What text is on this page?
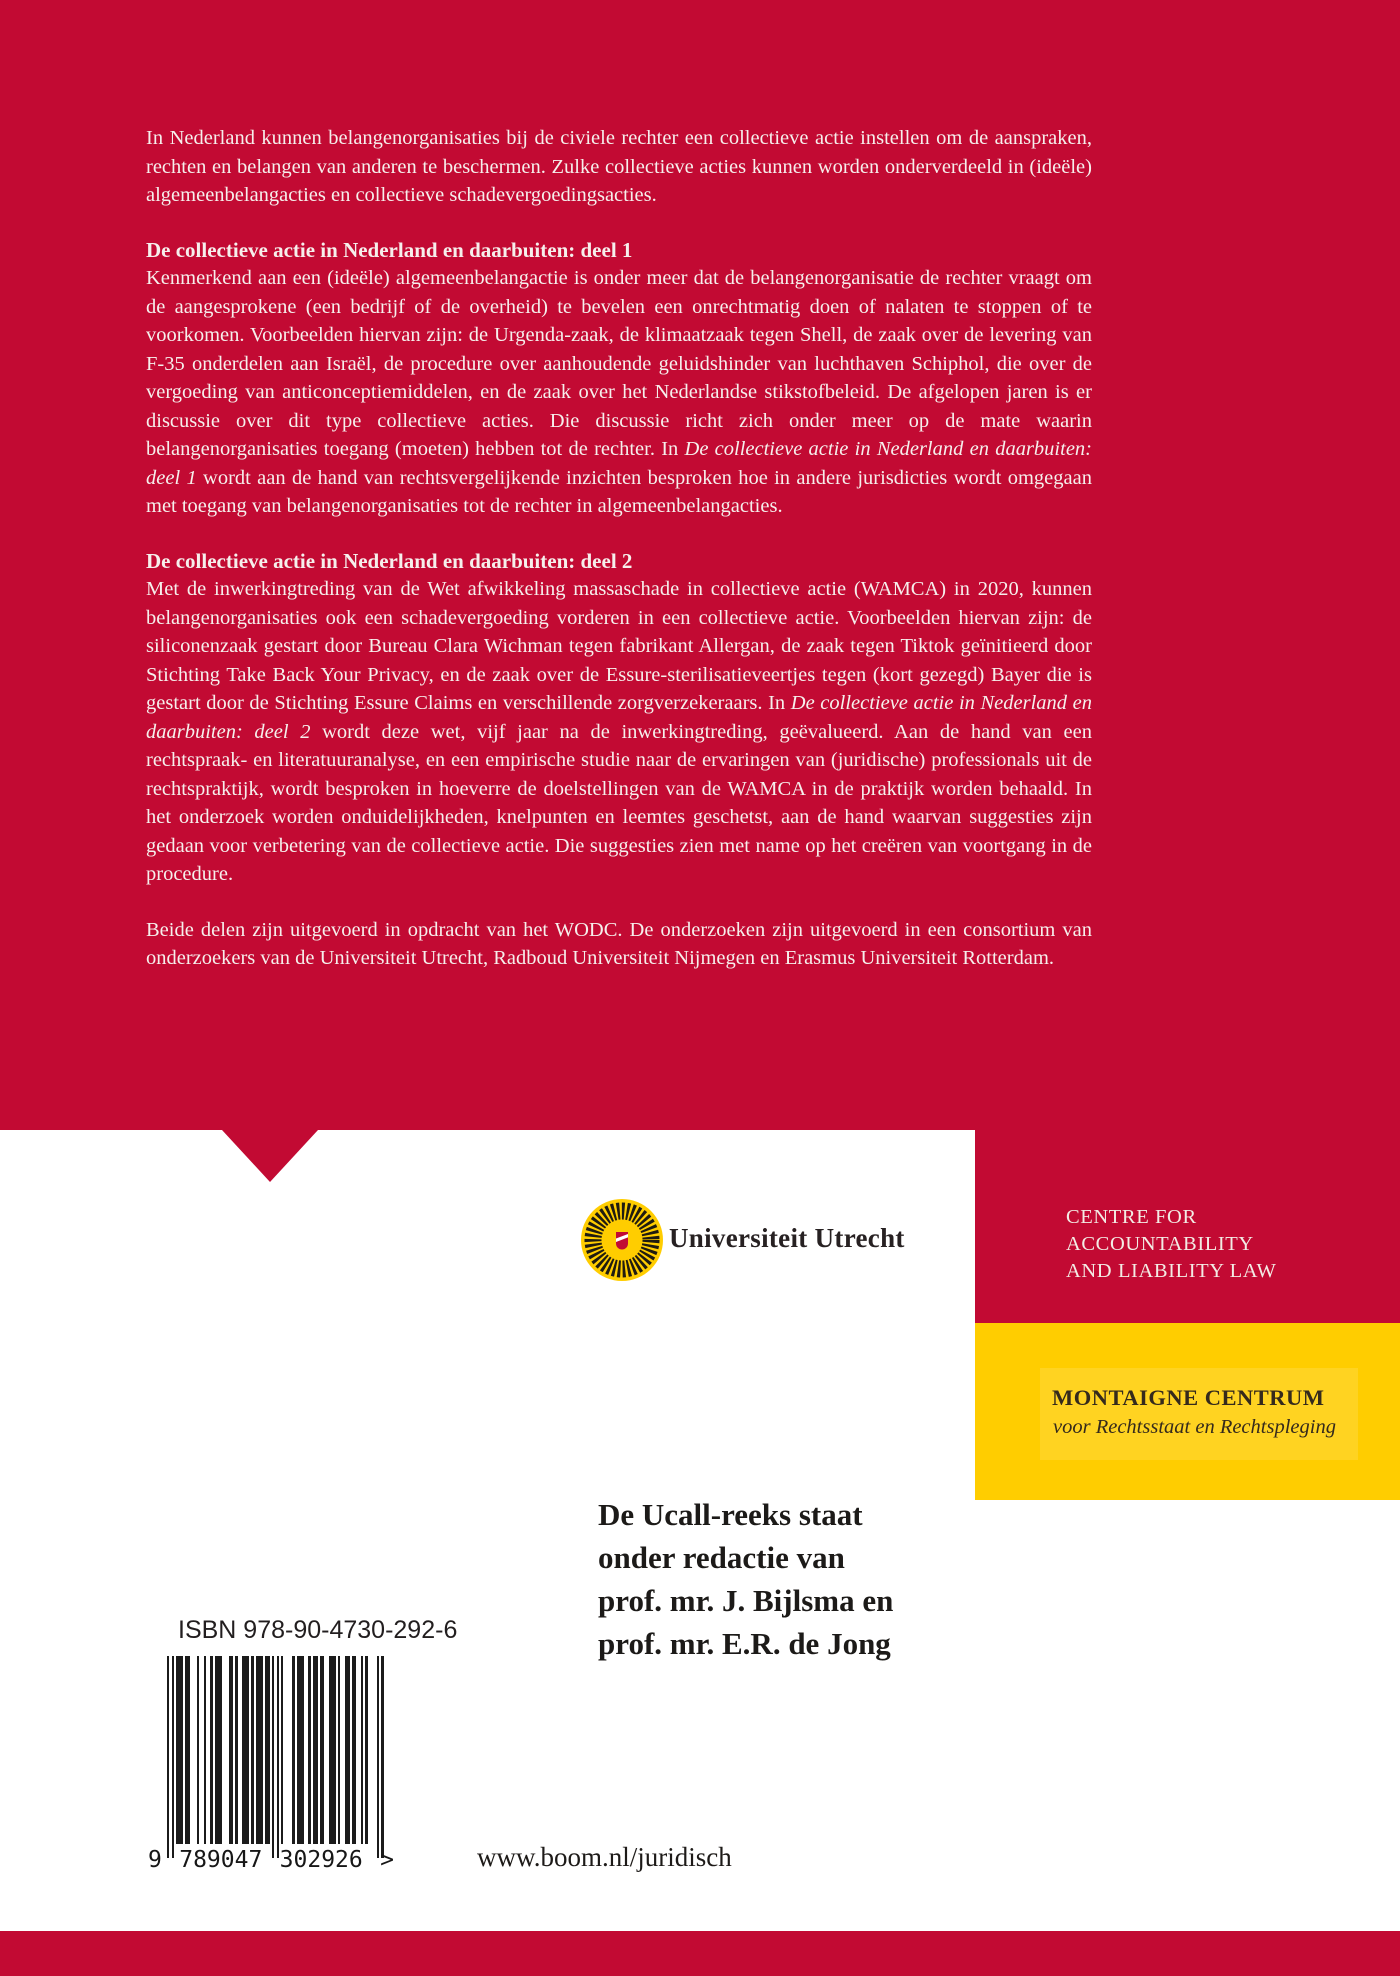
In Nederland kunnen belangenorganisaties bij de civiele rechter een collectieve actie instellen om de aanspraken, rechten en belangen van anderen te beschermen. Zulke collectieve acties kunnen worden onderverdeeld in (ideële) algemeenbelangacties en collectieve schadevergoedingsacties.

De collectieve actie in Nederland en daarbuiten: deel 1

Kenmerkend aan een (ideële) algemeenbelangactie is onder meer dat de belangenorganisatie de rechter vraagt om de aangesprokene (een bedrijf of de overheid) te bevelen een onrechtmatig doen of nalaten te stoppen of te voorkomen. Voorbeelden hiervan zijn: de Urgenda-zaak, de klimaatzaak tegen Shell, de zaak over de levering van F-35 onderdelen aan Israël, de procedure over aanhoudende geluidshinder van luchthaven Schiphol, die over de vergoeding van anticonceptiemiddelen, en de zaak over het Nederlandse stikstofbeleid. De afgelopen jaren is er discussie over dit type collectieve acties. Die discussie richt zich onder meer op de mate waarin belangenorganisaties toegang (moeten) hebben tot de rechter. In De collectieve actie in Nederland en daarbuiten: deel 1 wordt aan de hand van rechtsvergelijkende inzichten besproken hoe in andere jurisdicties wordt omgegaan met toegang van belangenorganisaties tot de rechter in algemeenbelangacties.

De collectieve actie in Nederland en daarbuiten: deel 2

Met de inwerkingtreding van de Wet afwikkeling massaschade in collectieve actie (WAMCA) in 2020, kunnen belangenorganisaties ook een schadevergoeding vorderen in een collectieve actie. Voorbeelden hiervan zijn: de siliconenzaak gestart door Bureau Clara Wichman tegen fabrikant Allergan, de zaak tegen Tiktok geïnitieerd door Stichting Take Back Your Privacy, en de zaak over de Essure-sterilisatieveertjes tegen (kort gezegd) Bayer die is gestart door de Stichting Essure Claims en verschillende zorgverzekeraars. In De collectieve actie in Nederland en daarbuiten: deel 2 wordt deze wet, vijf jaar na de inwerkingtreding, geëvalueerd. Aan de hand van een rechtspraak- en literatuuranalyse, en een empirische studie naar de ervaringen van (juridische) professionals uit de rechtspraktijk, wordt besproken in hoeverre de doelstellingen van de WAMCA in de praktijk worden behaald. In het onderzoek worden onduidelijkheden, knelpunten en leemtes geschetst, aan de hand waarvan suggesties zijn gedaan voor verbetering van de collectieve actie. Die suggesties zien met name op het creëren van voortgang in de procedure.

Beide delen zijn uitgevoerd in opdracht van het WODC. De onderzoeken zijn uitgevoerd in een consortium van onderzoekers van de Universiteit Utrecht, Radboud Universiteit Nijmegen en Erasmus Universiteit Rotterdam.

CENTRE FOR
ACCOUNTABILITY
AND LIABILITY LAW
MONTAIGNE CENTRUM
voor Rechtsstaat en Rechtspleging
Universiteit Utrecht
De Ucall-reeks staat
onder redactie van
prof. mr. J. Bijlsma en
prof. mr. E.R. de Jong
ISBN 978-90-4730-292-6
9 789047 302926 >	www.boom.nl/juridisch
